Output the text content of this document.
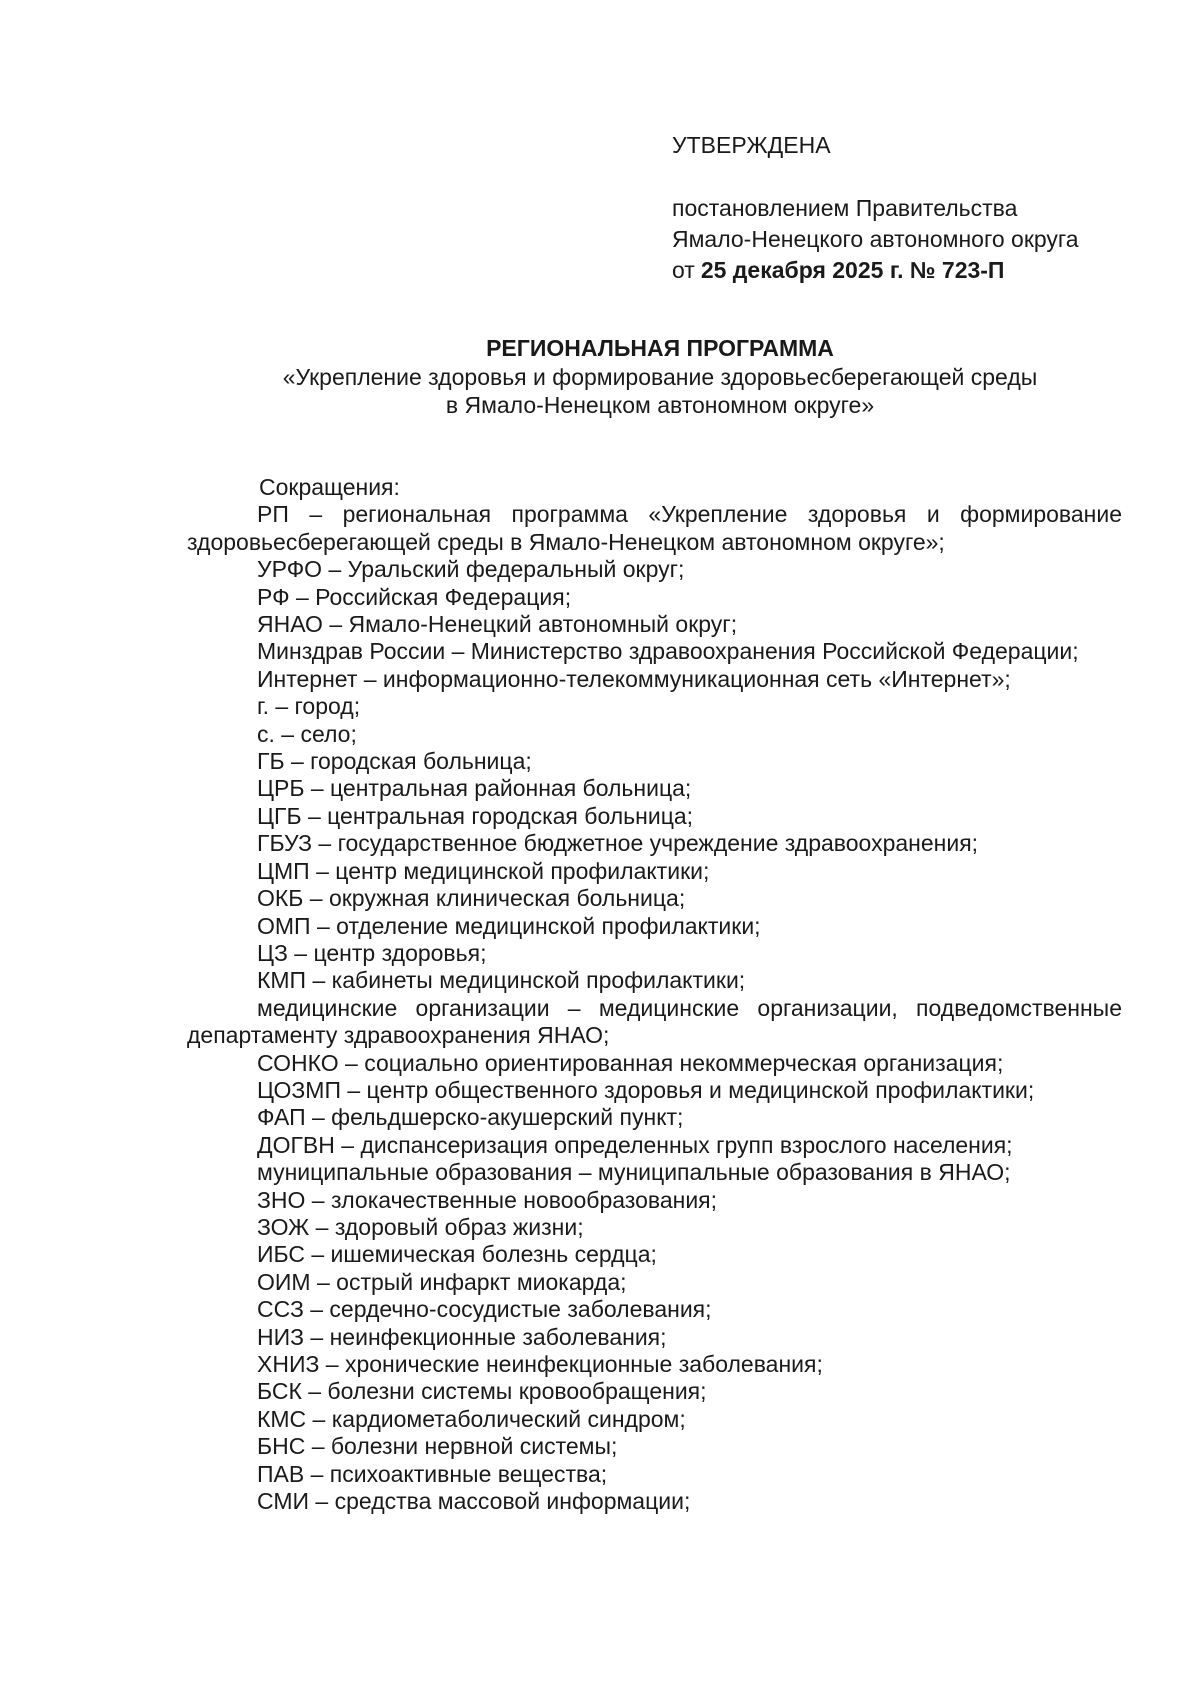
УТВЕРЖДЕНА
постановлением Правительства
Ямало-Ненецкого автономного округа
от 25 декабря 2025 г. № 723-П
РЕГИОНАЛЬНАЯ ПРОГРАММА
«Укрепление здоровья и формирование здоровьесберегающей среды
в Ямало-Ненецком автономном округе»

Сокращения:

РП – региональная программа «Укрепление здоровья и формирование здоровьесберегающей среды в Ямало-Ненецком автономном округе»;

УРФО – Уральский федеральный округ;

РФ – Российская Федерация;

ЯНАО – Ямало-Ненецкий автономный округ;

Минздрав России – Министерство здравоохранения Российской Федерации;

Интернет – информационно-телекоммуникационная сеть «Интернет»;

г. – город;

с. – село;

ГБ – городская больница;

ЦРБ – центральная районная больница;

ЦГБ – центральная городская больница;

ГБУЗ – государственное бюджетное учреждение здравоохранения;

ЦМП – центр медицинской профилактики;

ОКБ – окружная клиническая больница;

ОМП – отделение медицинской профилактики;

ЦЗ – центр здоровья;

КМП – кабинеты медицинской профилактики;

медицинские организации – медицинские организации, подведомственные департаменту здравоохранения ЯНАО;

СОНКО – социально ориентированная некоммерческая организация;

ЦОЗМП – центр общественного здоровья и медицинской профилактики;

ФАП – фельдшерско-акушерский пункт;

ДОГВН – диспансеризация определенных групп взрослого населения;

муниципальные образования – муниципальные образования в ЯНАО;

ЗНО – злокачественные новообразования;

ЗОЖ – здоровый образ жизни;

ИБС – ишемическая болезнь сердца;

ОИМ – острый инфаркт миокарда;

ССЗ – сердечно-сосудистые заболевания;

НИЗ – неинфекционные заболевания;

ХНИЗ – хронические неинфекционные заболевания;

БСК – болезни системы кровообращения;

КМС – кардиометаболический синдром;

БНС – болезни нервной системы;

ПАВ – психоактивные вещества;

СМИ – средства массовой информации;
